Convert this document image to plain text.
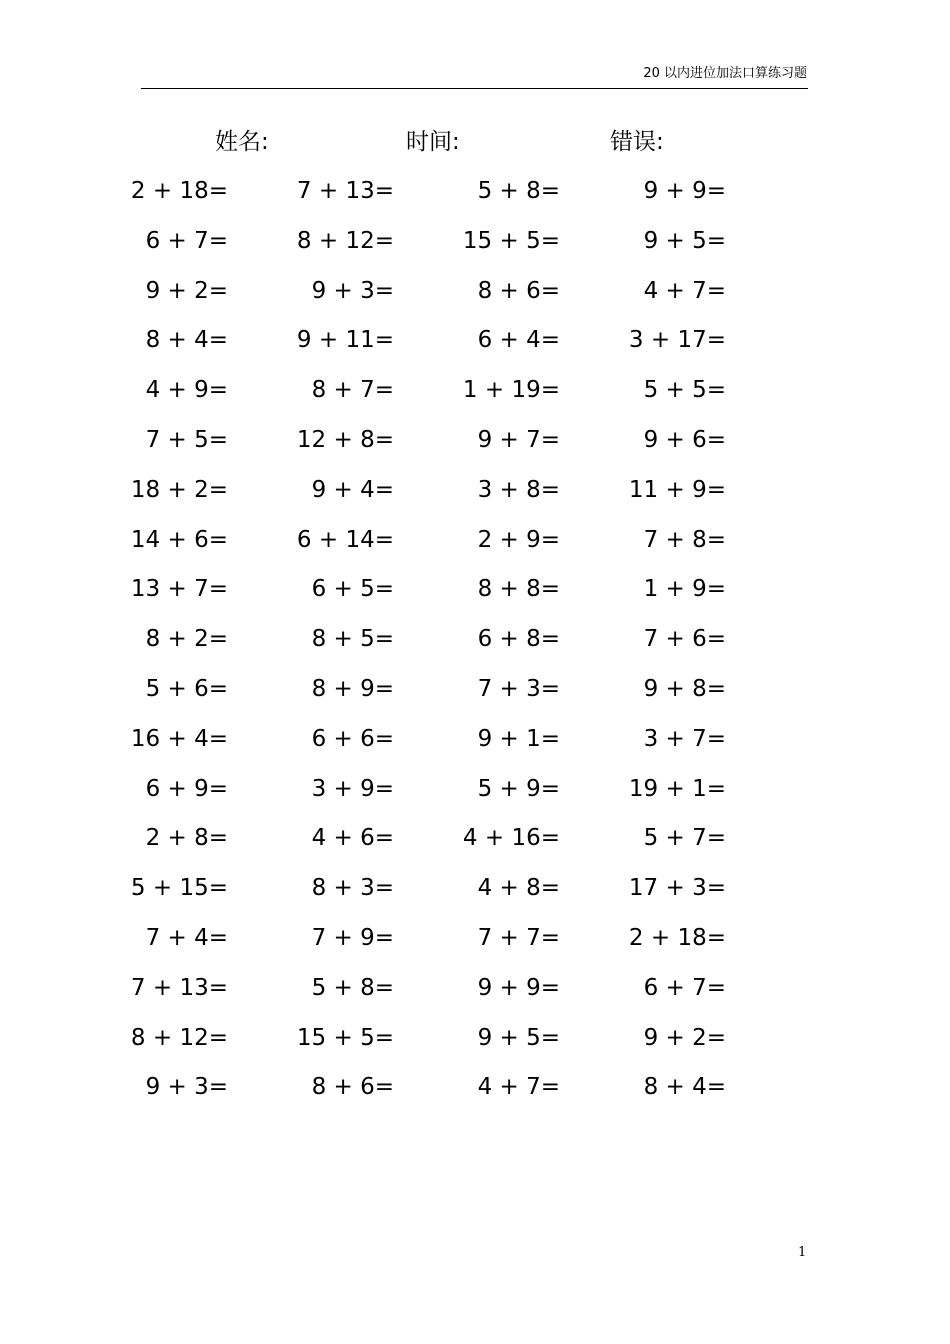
20 以内进位加法口算练习题
姓名:	时间:	错误:
2 + 18=	7 + 13=	5 + 8=	9 + 9=
6 + 7=	8 + 12=	15 + 5=	9 + 5=
9 + 2=	9 + 3=	8 + 6=	4 + 7=
8 + 4=	9 + 11=	6 + 4=	3 + 17=
4 + 9=	8 + 7=	1 + 19=	5 + 5=
7 + 5=	12 + 8=	9 + 7=	9 + 6=
18 + 2=	9 + 4=	3 + 8=	11 + 9=
14 + 6=	6 + 14=	2 + 9=	7 + 8=
13 + 7=	6 + 5=	8 + 8=	1 + 9=
8 + 2=	8 + 5=	6 + 8=	7 + 6=
5 + 6=	8 + 9=	7 + 3=	9 + 8=
16 + 4=	6 + 6=	9 + 1=	3 + 7=
6 + 9=	3 + 9=	5 + 9=	19 + 1=
2 + 8=	4 + 6=	4 + 16=	5 + 7=
5 + 15=	8 + 3=	4 + 8=	17 + 3=
7 + 4=	7 + 9=	7 + 7=	2 + 18=
7 + 13=	5 + 8=	9 + 9=	6 + 7=
8 + 12=	15 + 5=	9 + 5=	9 + 2=
9 + 3=	8 + 6=	4 + 7=	8 + 4=
1
